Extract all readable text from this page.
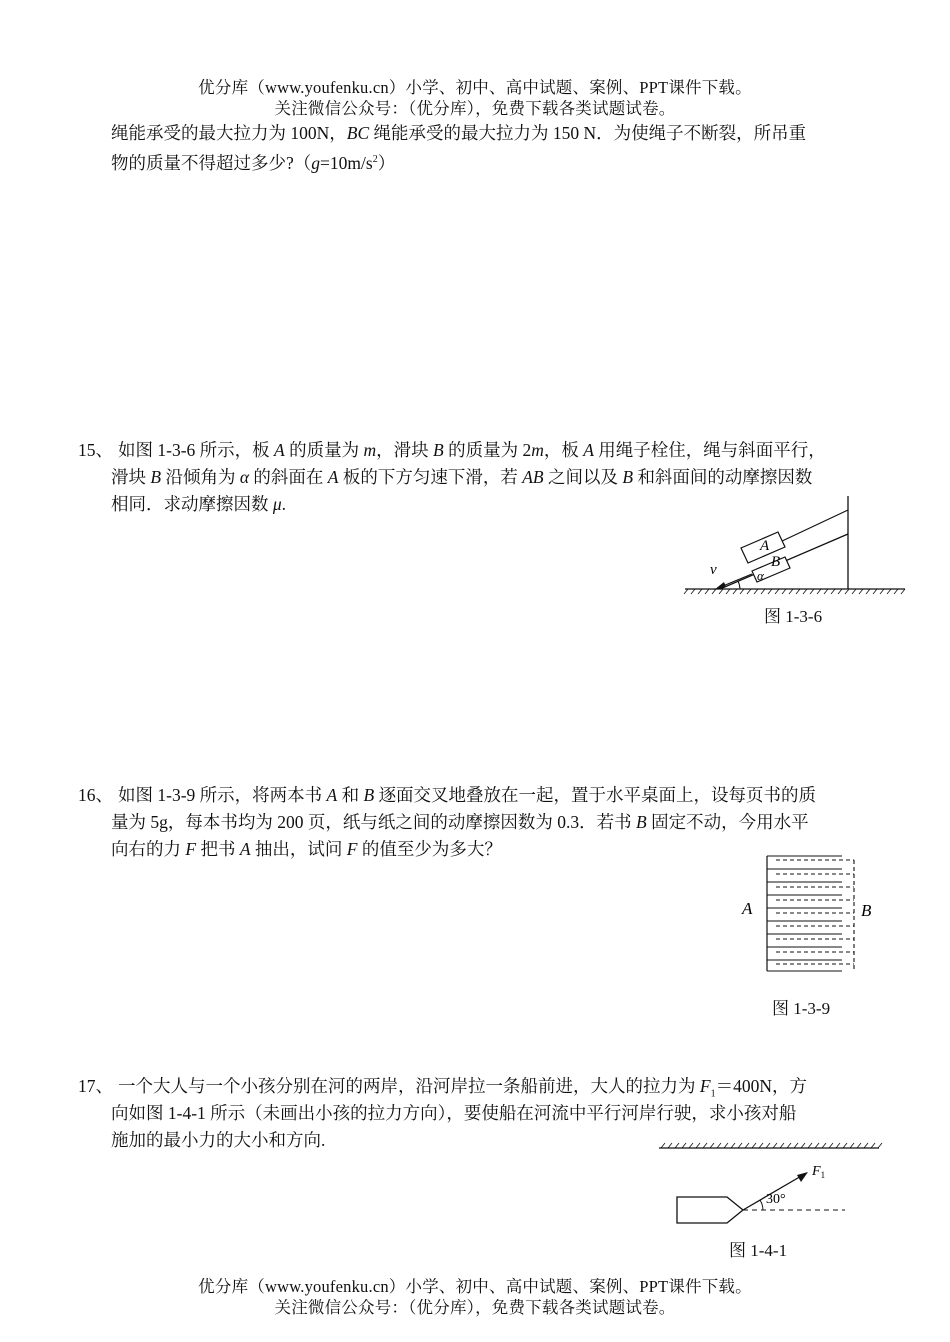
优分库（www.youfenku.cn）小学、初中、高中试题、案例、PPT课件下载。
关注微信公众号：（优分库），免费下载各类试题试卷。
绳能承受的最大拉力为 100N，BC 绳能承受的最大拉力为 150 N．为使绳子不断裂，所吊重
物的质量不得超过多少$?(g=10m/s^2)$
15、 如图 1-3-6 所示，板 A 的质量为 m，滑块 B 的质量为 2m，板 A 用绳子栓住，绳与斜面平行，
滑块 B 沿倾角为 α 的斜面在 A 板的下方匀速下滑，若 AB 之间以及 B 和斜面间的动摩擦因数
相同．求动摩擦因数 μ.
A
B
v	α
图 1-3-6
16、 如图 1-3-9 所示，将两本书 A 和 B 逐面交叉地叠放在一起，置于水平桌面上，设每页书的质
量为 5g，每本书均为 200 页，纸与纸之间的动摩擦因数为 0.3．若书 B 固定不动，今用水平
向右的力 F 把书 A 抽出，试问 F 的值至少为多大？
A	B
图 1-3-9
17、 一个大人与一个小孩分别在河的两岸，沿河岸拉一条船前进，大人的拉力为 $F_1=400N$，方
向如图 1-4-1 所示（未画出小孩的拉力方向），要使船在河流中平行河岸行驶，求小孩对船
施加的最小力的大小和方向.
$F_1$
30°
图 1-4-1
优分库（www.youfenku.cn）小学、初中、高中试题、案例、PPT课件下载。
关注微信公众号：（优分库），免费下载各类试题试卷。
